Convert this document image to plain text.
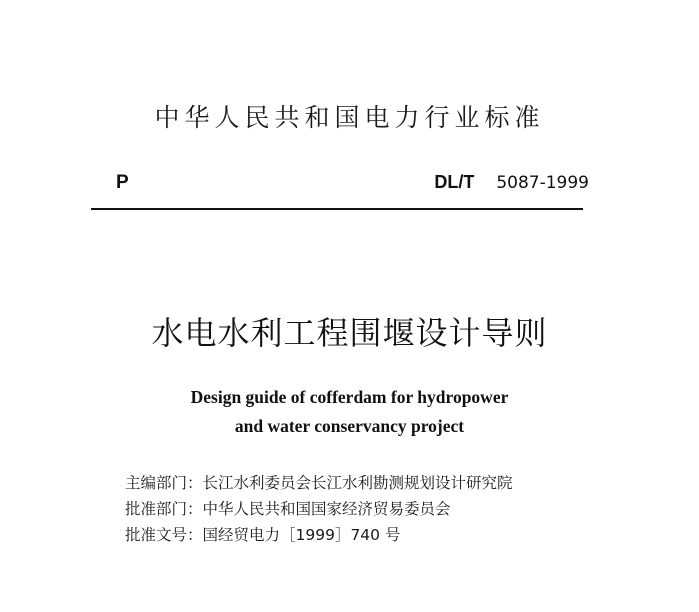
中华人民共和国电力行业标准
P	DL/T 5087-1999
水电水利工程围堰设计导则
Design guide of cofferdam for hydropower
and water conservancy project
主编部门：长江水利委员会长江水利勘测规划设计研究院
批准部门：中华人民共和国国家经济贸易委员会
批准文号：国经贸电力［1999］740 号
